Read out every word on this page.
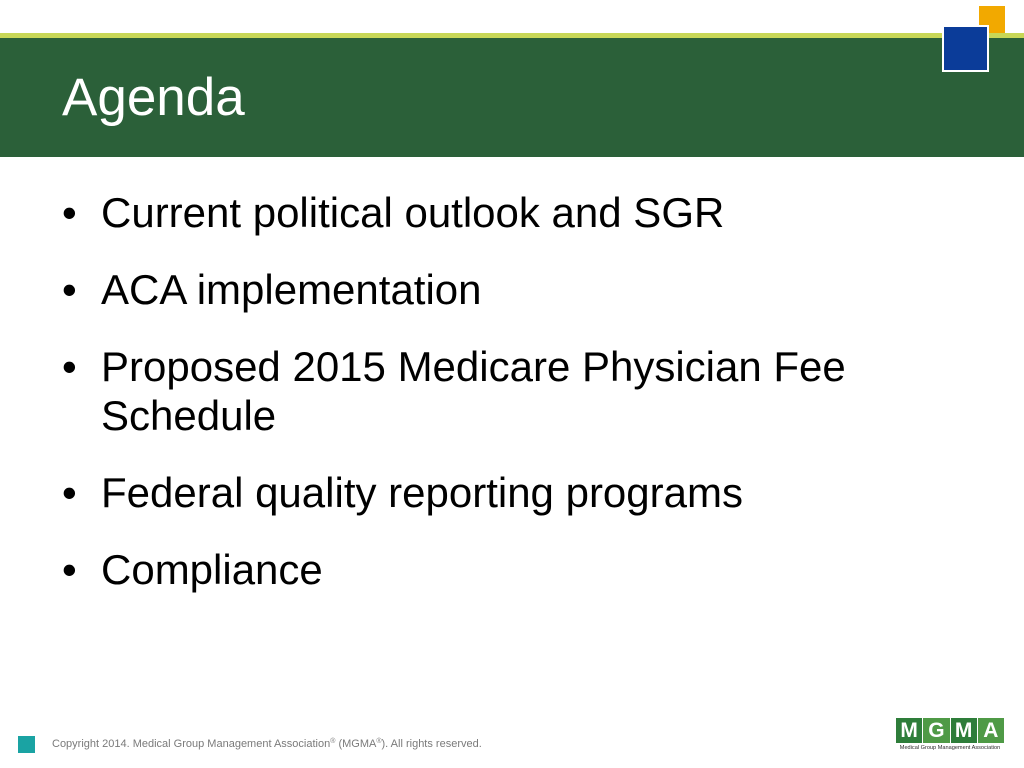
Agenda
• Current political outlook and SGR
• ACA implementation
• Proposed 2015 Medicare Physician Fee Schedule
• Federal quality reporting programs
• Compliance
Copyright 2014. Medical Group Management Association® (MGMA®). All rights reserved.
M G M A
Medical Group Management Association
